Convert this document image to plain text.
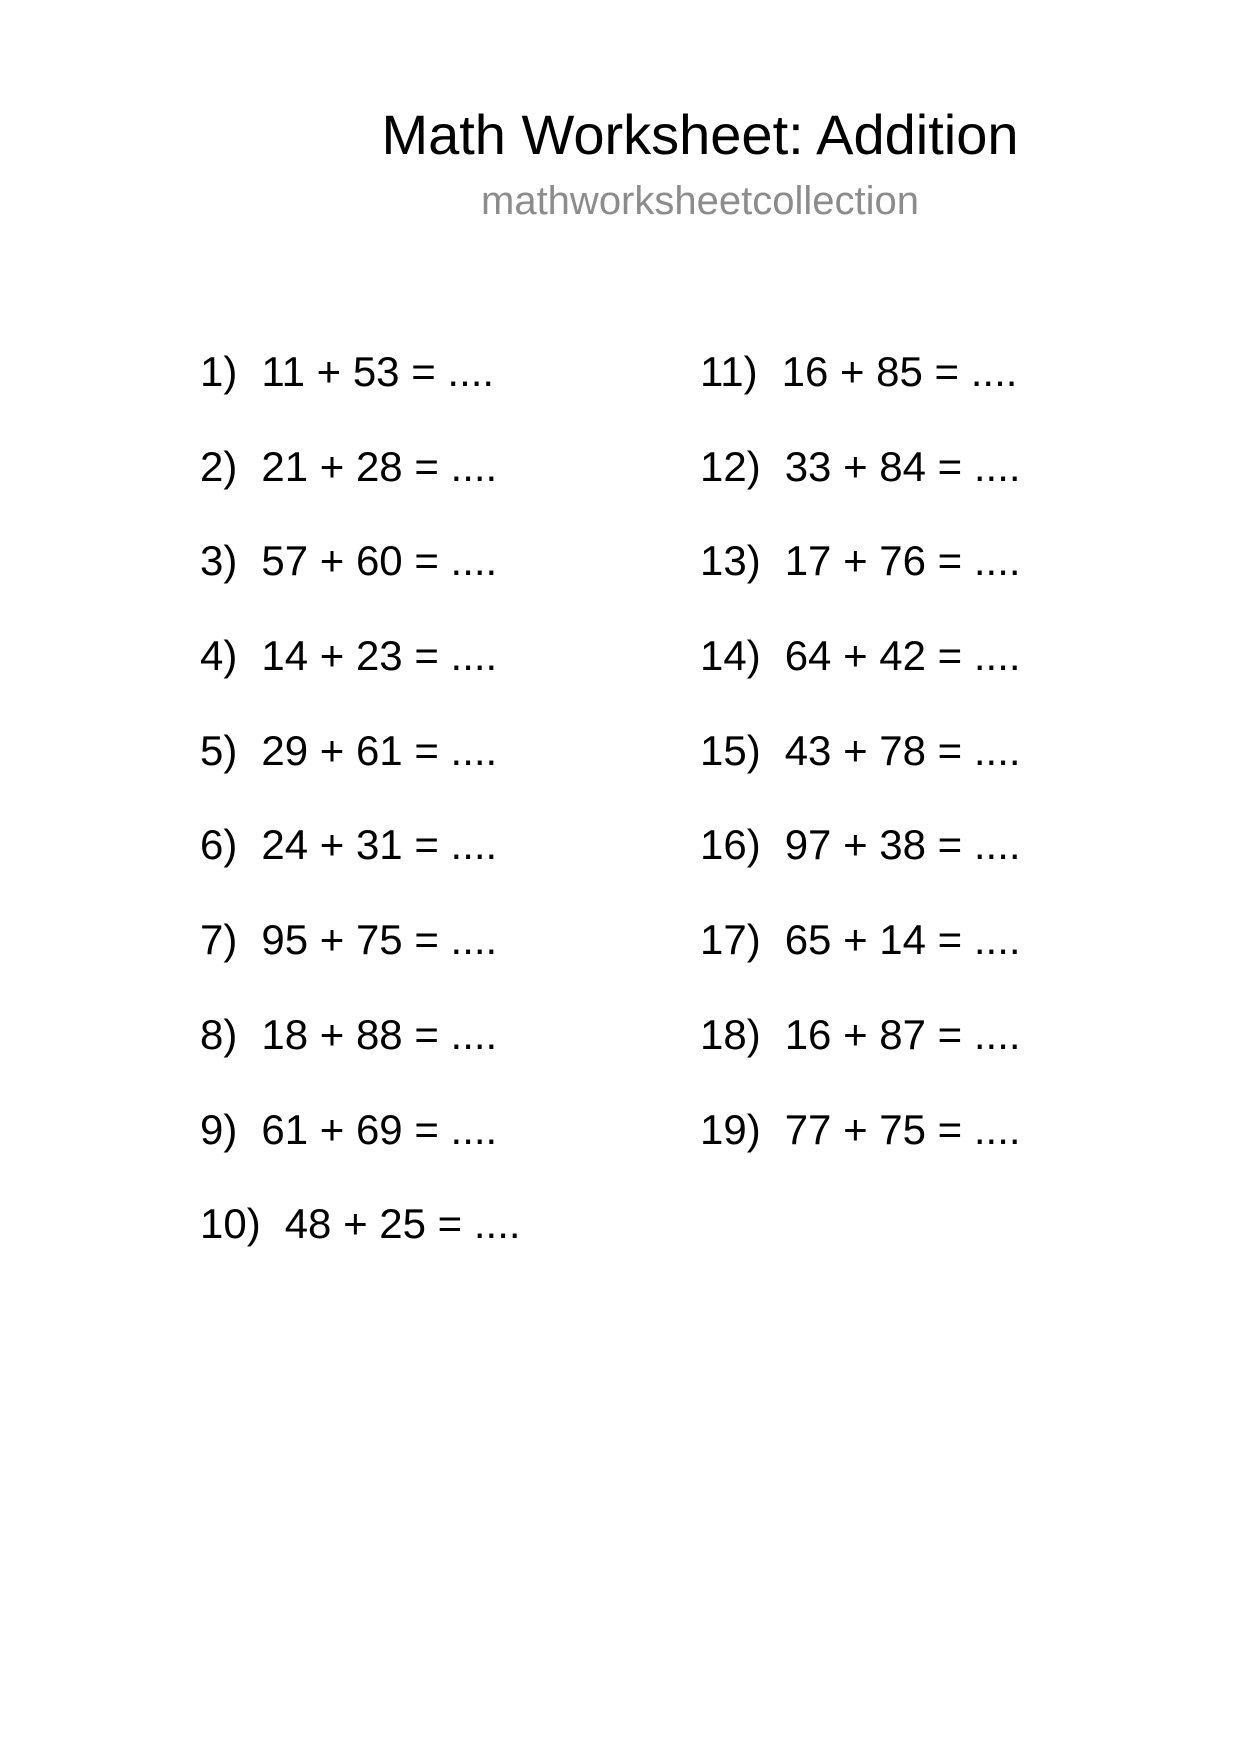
Math Worksheet: Addition
mathworksheetcollection
1) 11 + 53 = ....
2) 21 + 28 = ....
3) 57 + 60 = ....
4) 14 + 23 = ....
5) 29 + 61 = ....
6) 24 + 31 = ....
7) 95 + 75 = ....
8) 18 + 88 = ....
9) 61 + 69 = ....
10) 48 + 25 = ....
11) 16 + 85 = ....
12) 33 + 84 = ....
13) 17 + 76 = ....
14) 64 + 42 = ....
15) 43 + 78 = ....
16) 97 + 38 = ....
17) 65 + 14 = ....
18) 16 + 87 = ....
19) 77 + 75 = ....
